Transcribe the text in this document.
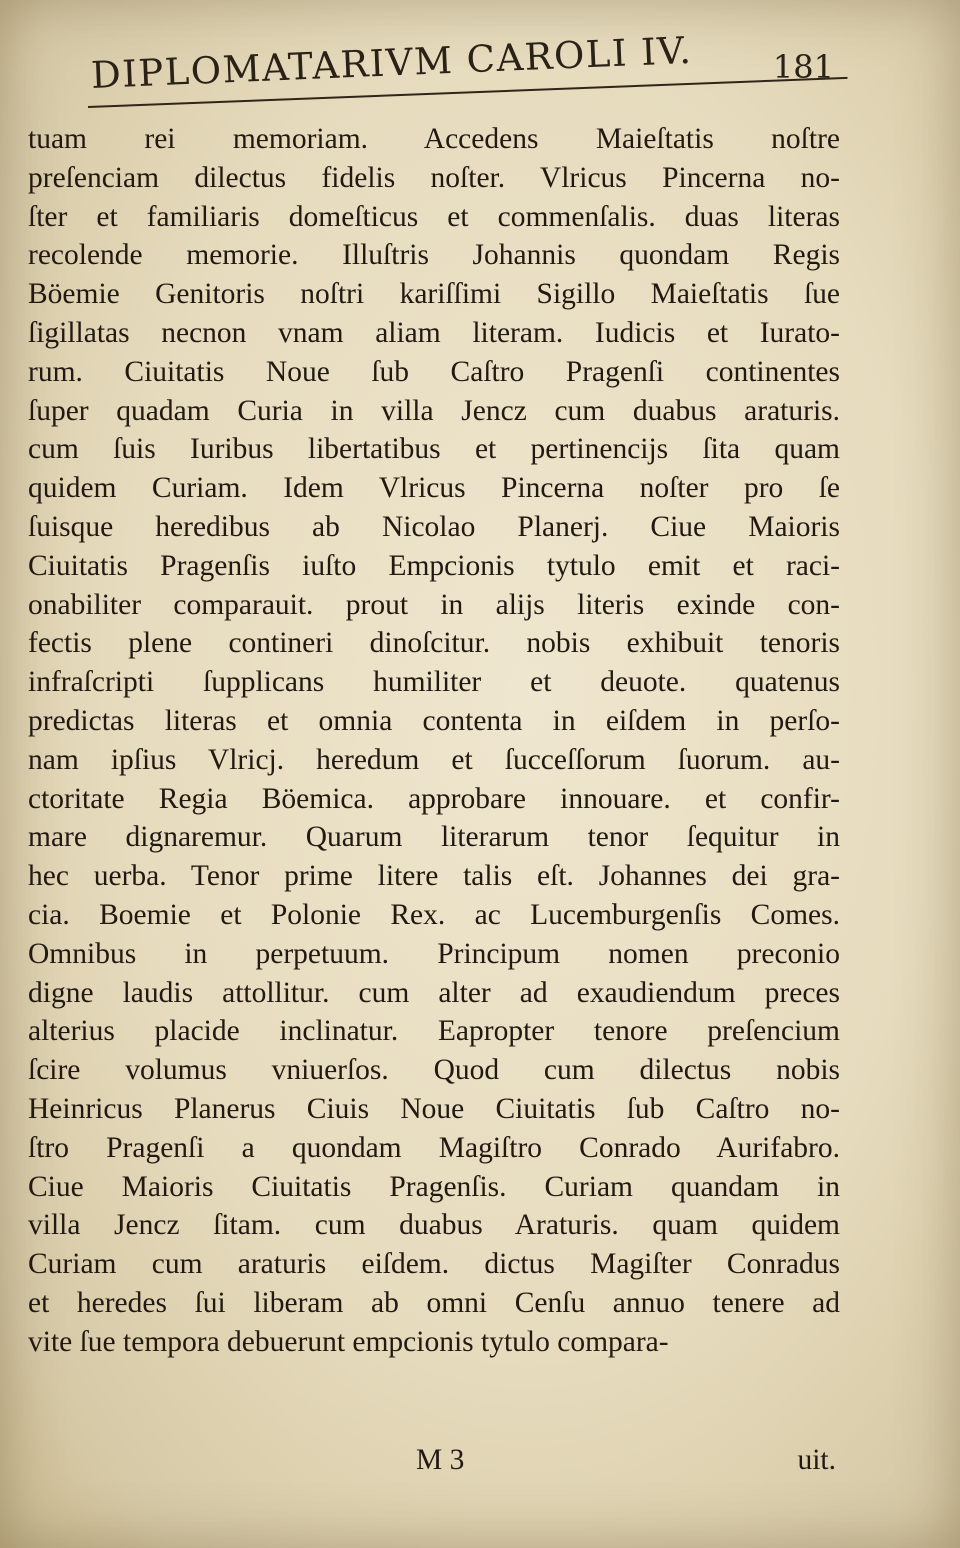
DIPLOMATARIVM CAROLI IV. 181
tuam rei memoriam. Accedens Maieſtatis noſtre
preſenciam dilectus fidelis noſter. Vlricus Pincerna no-
ſter et familiaris domeſticus et commenſalis. duas literas
recolende memorie. Illuſtris Johannis quondam Regis
Böemie Genitoris noſtri kariſſimi Sigillo Maieſtatis ſue
ſigillatas necnon vnam aliam literam. Iudicis et Iurato-
rum. Ciuitatis Noue ſub Caſtro Pragenſi continentes
ſuper quadam Curia in villa Jencz cum duabus araturis.
cum ſuis Iuribus libertatibus et pertinencijs ſita quam
quidem Curiam. Idem Vlricus Pincerna noſter pro ſe
ſuisque heredibus ab Nicolao Planerj. Ciue Maioris
Ciuitatis Pragenſis iuſto Empcionis tytulo emit et raci-
onabiliter comparauit. prout in alijs literis exinde con-
fectis plene contineri dinoſcitur. nobis exhibuit tenoris
infraſcripti ſupplicans humiliter et deuote. quatenus
predictas literas et omnia contenta in eiſdem in perſo-
nam ipſius Vlricj. heredum et ſucceſſorum ſuorum. au-
ctoritate Regia Böemica. approbare innouare. et confir-
mare dignaremur. Quarum literarum tenor ſequitur in
hec uerba. Tenor prime litere talis eſt. Johannes dei gra-
cia. Boemie et Polonie Rex. ac Lucemburgenſis Comes.
Omnibus in perpetuum. Principum nomen preconio
digne laudis attollitur. cum alter ad exaudiendum preces
alterius placide inclinatur. Eapropter tenore preſencium
ſcire volumus vniuerſos. Quod cum dilectus nobis
Heinricus Planerus Ciuis Noue Ciuitatis ſub Caſtro no-
ſtro Pragenſi a quondam Magiſtro Conrado Aurifabro.
Ciue Maioris Ciuitatis Pragenſis. Curiam quandam in
villa Jencz ſitam. cum duabus Araturis. quam quidem
Curiam cum araturis eiſdem. dictus Magiſter Conradus
et heredes ſui liberam ab omni Cenſu annuo tenere ad
vite ſue tempora debuerunt empcionis tytulo compara-
M 3	uit.
